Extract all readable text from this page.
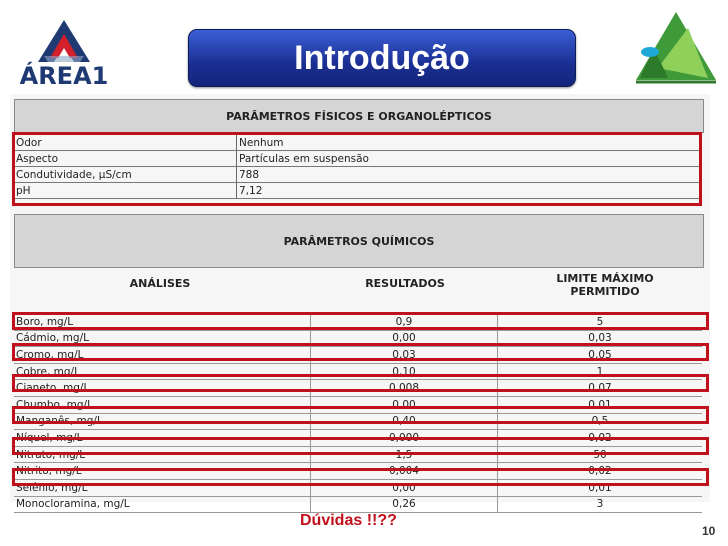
ÁREA1	Introdução
PARÂMETROS FÍSICOS E ORGANOLÉPTICOS
Odor	Nenhum
Aspecto	Partículas em suspensão
Condutividade, µS/cm	788
pH	7,12
PARÂMETROS QUÍMICOS
ANÁLISES	RESULTADOS	LIMITE MÁXIMO
PERMITIDO
Boro, mg/L	0,9	5
Cádmio, mg/L	0,00	0,03
Cromo, mg/L	0,03	0,05
Cobre, mg/L	0,10	1
Cianeto, mg/L	0,008	0,07
Chumbo, mg/L	0,00	0,01
Manganês, mg/L	0,40	0,5
Níquel, mg/L	0,000	0,02
Nitrato, mg/L	1,5	50
Nitrito, mg/L	0,004	0,02
Selênio, mg/L	0,00	0,01
Monocloramina, mg/L	0,26	3
Dúvidas !!??
10
